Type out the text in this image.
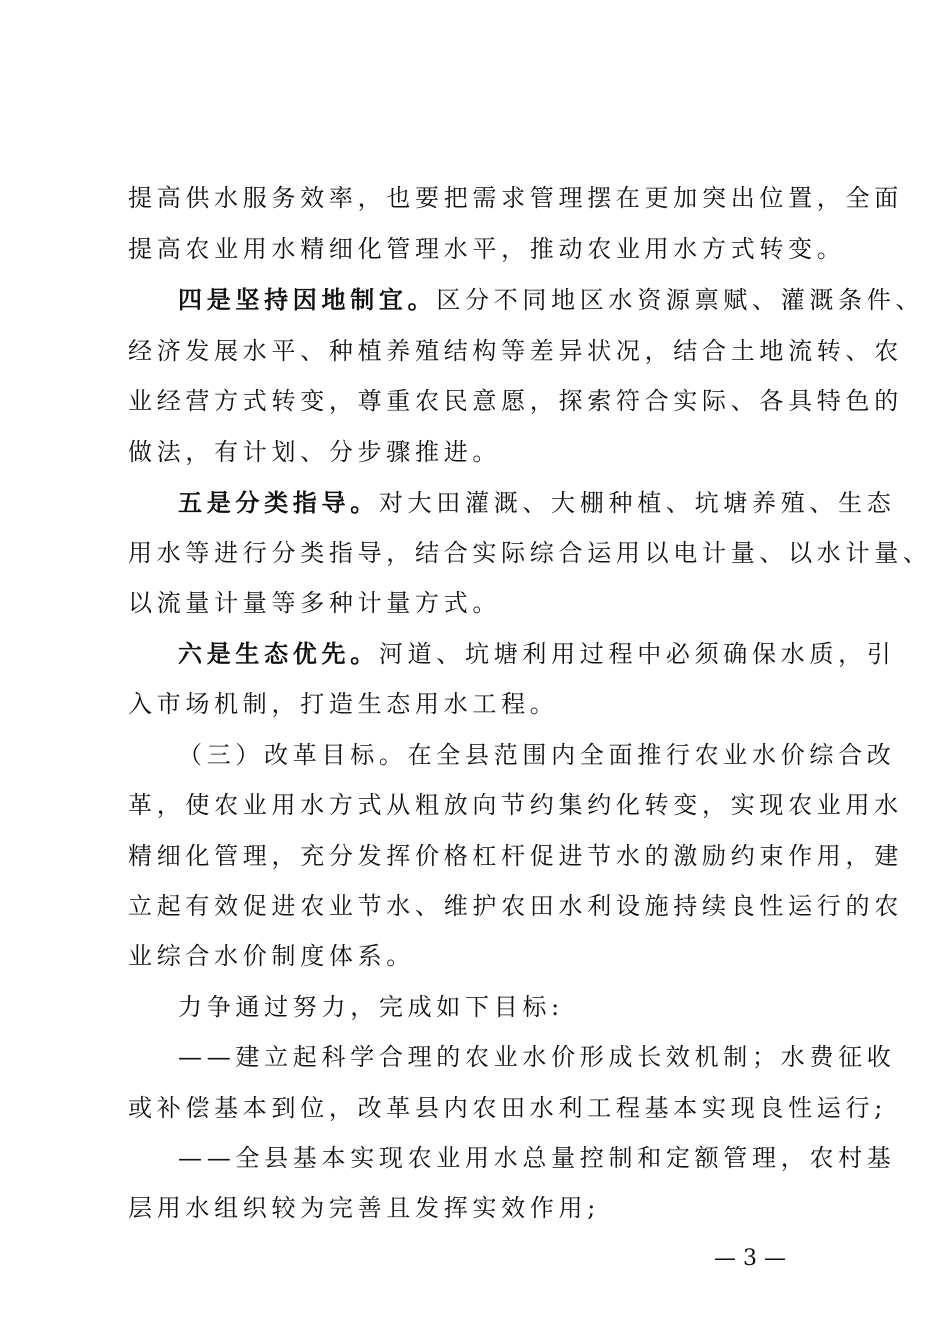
提高供水服务效率，也要把需求管理摆在更加突出位置，全面
提高农业用水精细化管理水平，推动农业用水方式转变。
四是坚持因地制宜。区分不同地区水资源禀赋、灌溉条件、
经济发展水平、种植养殖结构等差异状况，结合土地流转、农
业经营方式转变，尊重农民意愿，探索符合实际、各具特色的
做法，有计划、分步骤推进。
五是分类指导。对大田灌溉、大棚种植、坑塘养殖、生态
用水等进行分类指导，结合实际综合运用以电计量、以水计量、
以流量计量等多种计量方式。
六是生态优先。河道、坑塘利用过程中必须确保水质，引
入市场机制，打造生态用水工程。
（三）改革目标。在全县范围内全面推行农业水价综合改
革，使农业用水方式从粗放向节约集约化转变，实现农业用水
精细化管理，充分发挥价格杠杆促进节水的激励约束作用，建
立起有效促进农业节水、维护农田水利设施持续良性运行的农
业综合水价制度体系。
力争通过努力，完成如下目标:
——建立起科学合理的农业水价形成长效机制；水费征收
或补偿基本到位，改革县内农田水利工程基本实现良性运行;
——全县基本实现农业用水总量控制和定额管理，农村基
层用水组织较为完善且发挥实效作用;
— 3 —
